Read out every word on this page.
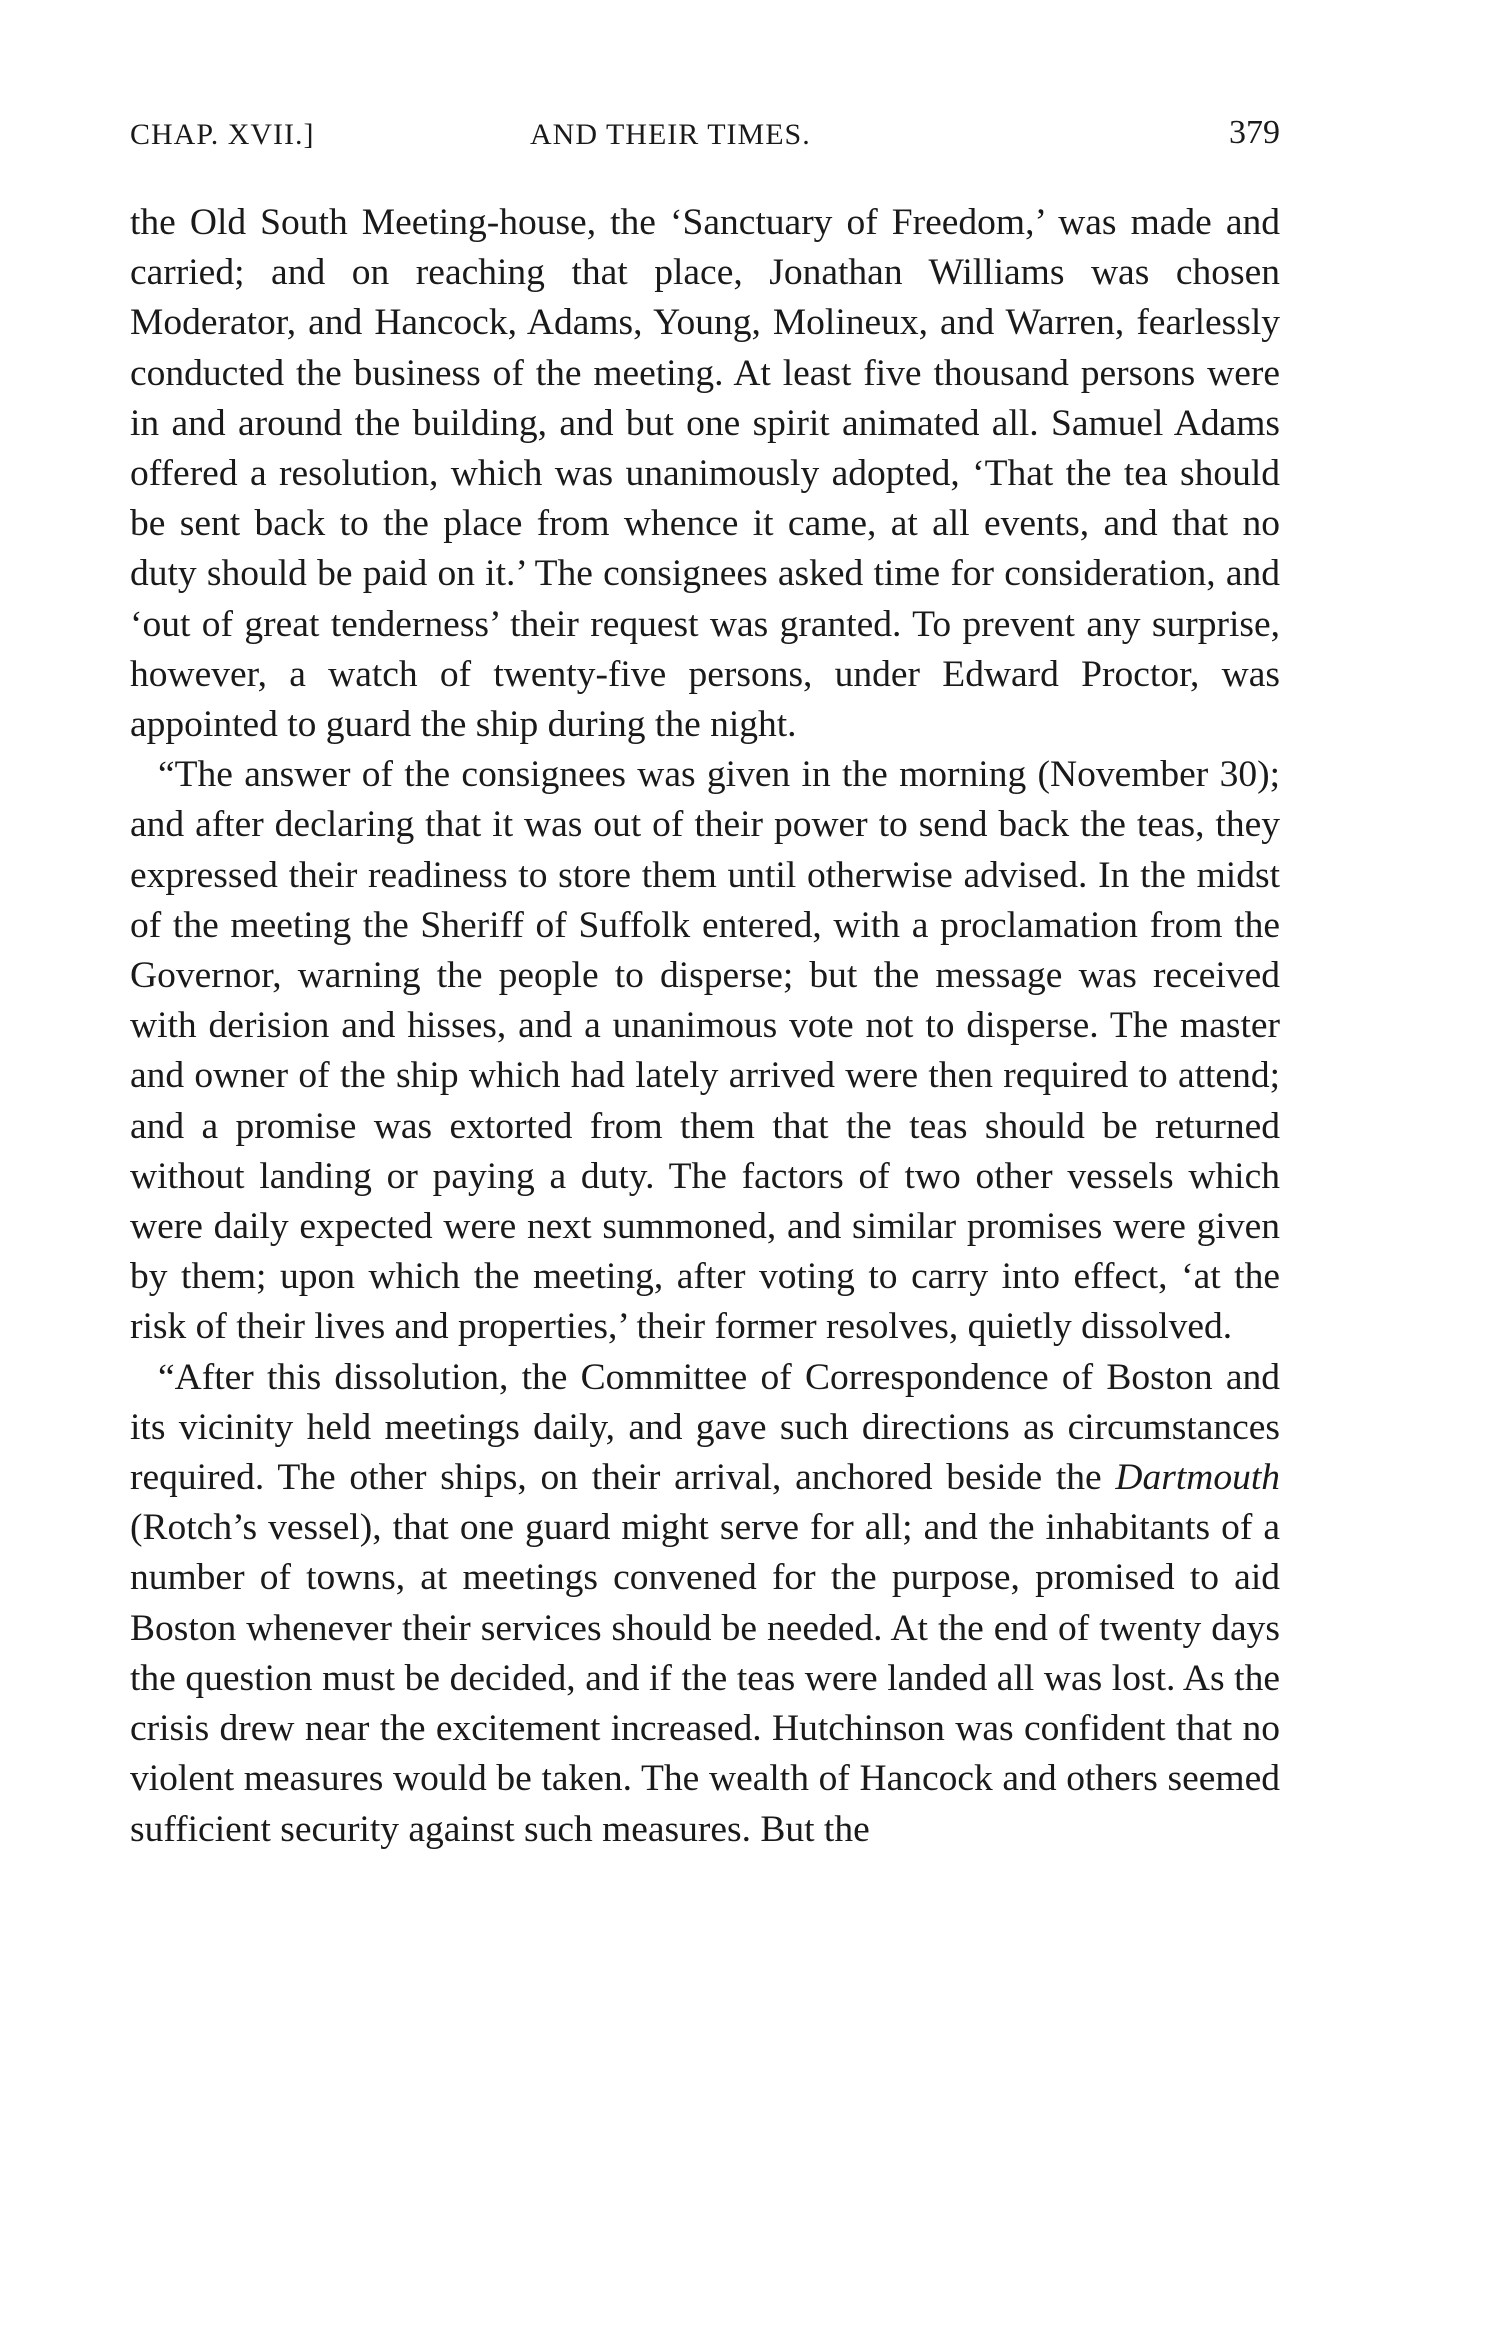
CHAP. XVII.]	AND THEIR TIMES.	379

the Old South Meeting-house, the ‘Sanctuary of Freedom,’ was made and carried; and on reaching that place, Jonathan Williams was chosen Moderator, and Hancock, Adams, Young, Molineux, and Warren, fearlessly conducted the business of the meeting. At least five thousand persons were in and around the building, and but one spirit animated all. Samuel Adams offered a resolution, which was unanimously adopted, ‘That the tea should be sent back to the place from whence it came, at all events, and that no duty should be paid on it.’ The consignees asked time for consideration, and ‘out of great tenderness’ their request was granted. To prevent any surprise, however, a watch of twenty-five persons, under Edward Proctor, was appointed to guard the ship during the night.

“The answer of the consignees was given in the morning (November 30); and after declaring that it was out of their power to send back the teas, they expressed their readiness to store them until otherwise advised. In the midst of the meeting the Sheriff of Suffolk entered, with a proclamation from the Governor, warning the people to disperse; but the message was received with derision and hisses, and a unanimous vote not to disperse. The master and owner of the ship which had lately arrived were then required to attend; and a promise was extorted from them that the teas should be returned without landing or paying a duty. The factors of two other vessels which were daily expected were next summoned, and similar promises were given by them; upon which the meeting, after voting to carry into effect, ‘at the risk of their lives and properties,’ their former resolves, quietly dissolved.

“After this dissolution, the Committee of Correspondence of Boston and its vicinity held meetings daily, and gave such directions as circumstances required. The other ships, on their arrival, anchored beside the Dartmouth (Rotch’s vessel), that one guard might serve for all; and the inhabitants of a number of towns, at meetings convened for the purpose, promised to aid Boston whenever their services should be needed. At the end of twenty days the question must be decided, and if the teas were landed all was lost. As the crisis drew near the excitement increased. Hutchinson was confident that no violent measures would be taken. The wealth of Hancock and others seemed sufficient security against such measures. But the
